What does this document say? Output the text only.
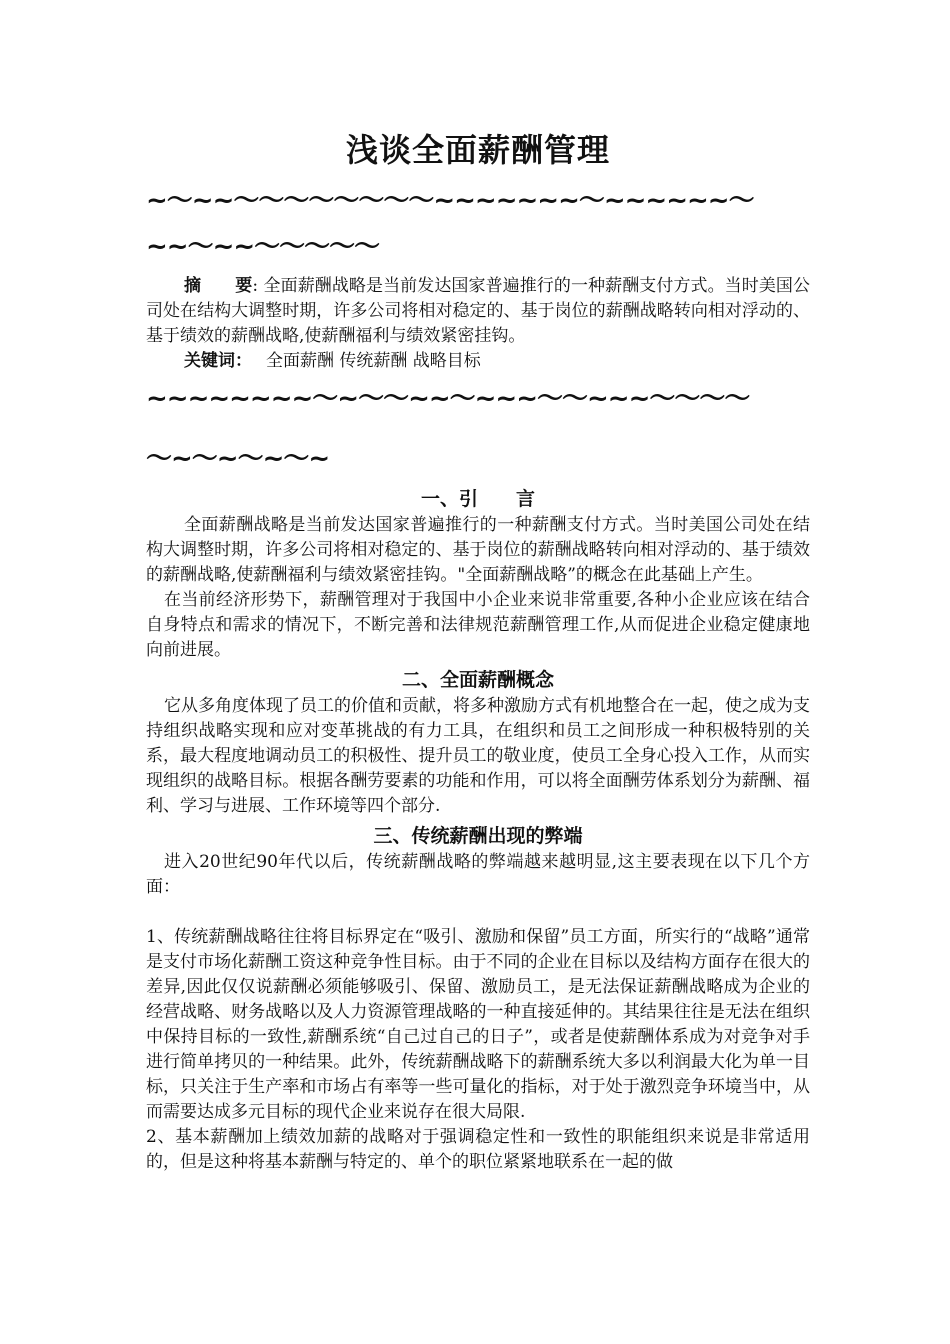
浅谈全面薪酬管理

~〜~~〜〜〜〜〜〜〜〜~~~~~~~〜~~~~~~〜

~~〜~~〜〜〜〜〜

摘　　要: 全面薪酬战略是当前发达国家普遍推行的一种薪酬支付方式。当时美国公司处在结构大调整时期，许多公司将相对稳定的、基于岗位的薪酬战略转向相对浮动的、基于绩效的薪酬战略,使薪酬福利与绩效紧密挂钩。

关键词： 全面薪酬 传统薪酬 战略目标

~~~~~~~~〜~〜〜~~〜~~~〜〜~~~〜〜〜〜

〜~〜~〜~〜~

一、引　　言

全面薪酬战略是当前发达国家普遍推行的一种薪酬支付方式。当时美国公司处在结构大调整时期，许多公司将相对稳定的、基于岗位的薪酬战略转向相对浮动的、基于绩效的薪酬战略,使薪酬福利与绩效紧密挂钩。"全面薪酬战略”的概念在此基础上产生。

在当前经济形势下，薪酬管理对于我国中小企业来说非常重要,各种小企业应该在结合自身特点和需求的情况下，不断完善和法律规范薪酬管理工作,从而促进企业稳定健康地向前进展。

二、全面薪酬概念

它从多角度体现了员工的价值和贡献，将多种激励方式有机地整合在一起，使之成为支持组织战略实现和应对变革挑战的有力工具，在组织和员工之间形成一种积极特别的关系，最大程度地调动员工的积极性、提升员工的敬业度，使员工全身心投入工作，从而实现组织的战略目标。根据各酬劳要素的功能和作用，可以将全面酬劳体系划分为薪酬、福利、学习与进展、工作环境等四个部分.

三、传统薪酬出现的弊端

进入20世纪90年代以后，传统薪酬战略的弊端越来越明显,这主要表现在以下几个方面：

1、传统薪酬战略往往将目标界定在“吸引、激励和保留”员工方面，所实行的“战略”通常是支付市场化薪酬工资这种竞争性目标。由于不同的企业在目标以及结构方面存在很大的差异,因此仅仅说薪酬必须能够吸引、保留、激励员工，是无法保证薪酬战略成为企业的经营战略、财务战略以及人力资源管理战略的一种直接延伸的。其结果往往是无法在组织中保持目标的一致性,薪酬系统“自己过自己的日子”，或者是使薪酬体系成为对竞争对手进行简单拷贝的一种结果。此外，传统薪酬战略下的薪酬系统大多以利润最大化为单一目标，只关注于生产率和市场占有率等一些可量化的指标，对于处于激烈竞争环境当中，从而需要达成多元目标的现代企业来说存在很大局限.

2、基本薪酬加上绩效加薪的战略对于强调稳定性和一致性的职能组织来说是非常适用的，但是这种将基本薪酬与特定的、单个的职位紧紧地联系在一起的做
